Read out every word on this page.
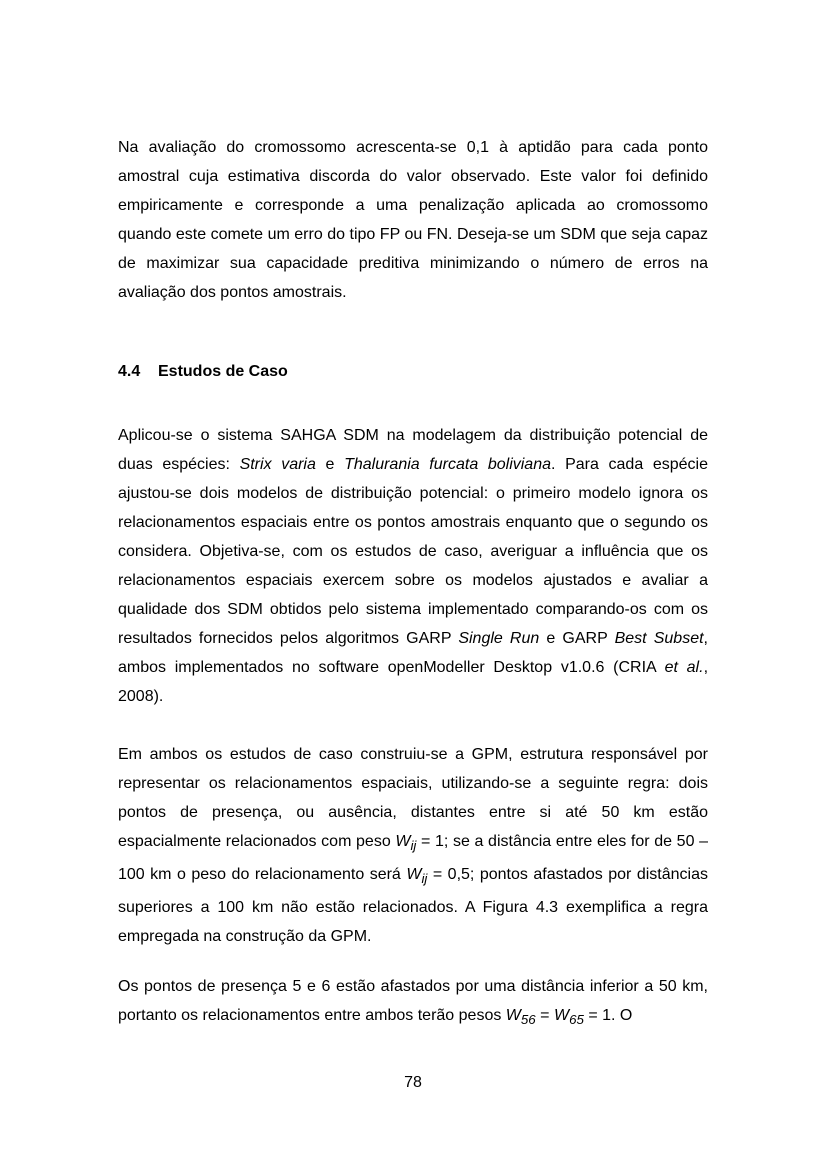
Na avaliação do cromossomo acrescenta-se 0,1 à aptidão para cada ponto amostral cuja estimativa discorda do valor observado. Este valor foi definido empiricamente e corresponde a uma penalização aplicada ao cromossomo quando este comete um erro do tipo FP ou FN. Deseja-se um SDM que seja capaz de maximizar sua capacidade preditiva minimizando o número de erros na avaliação dos pontos amostrais.

4.4 Estudos de Caso

Aplicou-se o sistema SAHGA SDM na modelagem da distribuição potencial de duas espécies: Strix varia e Thalurania furcata boliviana. Para cada espécie ajustou-se dois modelos de distribuição potencial: o primeiro modelo ignora os relacionamentos espaciais entre os pontos amostrais enquanto que o segundo os considera. Objetiva-se, com os estudos de caso, averiguar a influência que os relacionamentos espaciais exercem sobre os modelos ajustados e avaliar a qualidade dos SDM obtidos pelo sistema implementado comparando-os com os resultados fornecidos pelos algoritmos GARP Single Run e GARP Best Subset, ambos implementados no software openModeller Desktop v1.0.6 (CRIA et al., 2008).

Em ambos os estudos de caso construiu-se a GPM, estrutura responsável por representar os relacionamentos espaciais, utilizando-se a seguinte regra: dois pontos de presença, ou ausência, distantes entre si até 50 km estão espacialmente relacionados com peso $W_{ij} = 1$; se a distância entre eles for de 50 – 100 km o peso do relacionamento será $W_{ij} = 0,5$; pontos afastados por distâncias superiores a 100 km não estão relacionados. A Figura 4.3 exemplifica a regra empregada na construção da GPM.

Os pontos de presença 5 e 6 estão afastados por uma distância inferior a 50 km, portanto os relacionamentos entre ambos terão pesos $W_{56} = W_{65} = 1$. O

78
